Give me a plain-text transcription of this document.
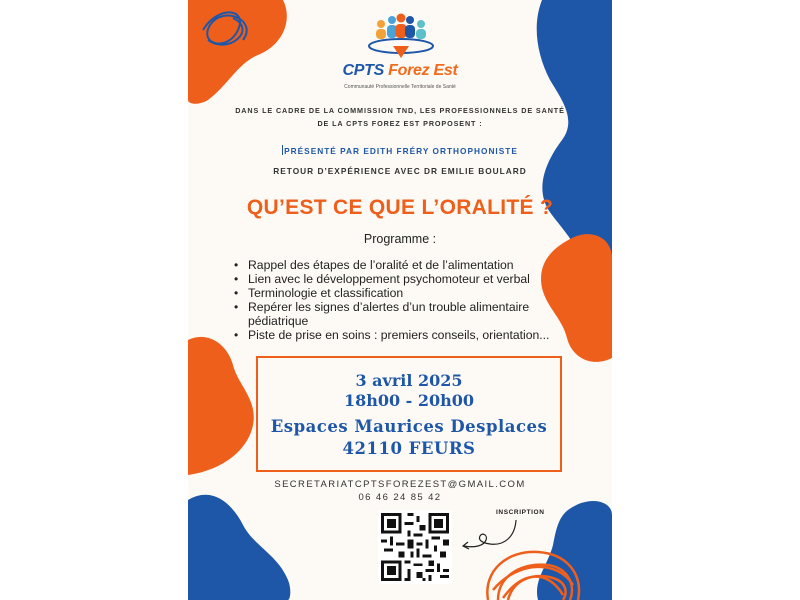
CPTS Forez Est
Communauté Professionnelle Territoriale de Santé
DANS LE CADRE DE LA COMMISSION TND, LES PROFESSIONNELS DE SANTÉ DE LA CPTS FOREZ EST PROPOSENT :
PRÉSENTÉ PAR EDITH FRÉRY ORTHOPHONISTE
RETOUR D’EXPÉRIENCE AVEC DR EMILIE BOULARD
QU’EST CE QUE L’ORALITÉ ?
Programme :
• Rappel des étapes de l’oralité et de l’alimentation
• Lien avec le développement psychomoteur et verbal
• Terminologie et classification
• Repérer les signes d’alertes d’un trouble alimentaire pédiatrique
• Piste de prise en soins : premiers conseils, orientation...
3 avril 2025
18h00 - 20h00
Espaces Maurices Desplaces
42110 FEURS
SECRETARIATCPTSFOREZEST@GMAIL.COM
06 46 24 85 42
INSCRIPTION
